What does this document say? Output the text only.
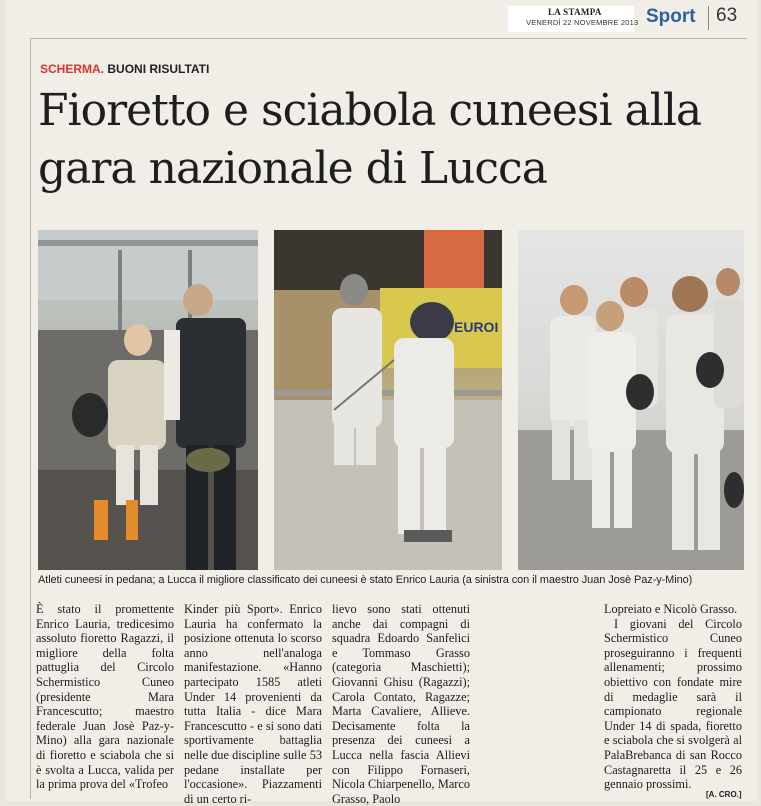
LA STAMPA
VENERDÌ 22 NOVEMBRE 2013 Sport 63
SCHERMA. BUONI RISULTATI
Fioretto e sciabola cuneesi alla gara nazionale di Lucca
EUROI
Atleti cuneesi in pedana; a Lucca il migliore classificato dei cuneesi è stato Enrico Lauria (a sinistra con il maestro Juan Josè Paz-y-Mino)

È stato il promettente Enrico Lauria, tredicesimo assoluto fioretto Ragazzi, il migliore della folta pattuglia del Circolo Schermistico Cuneo (presidente Mara Francescutto; maestro federale Juan Josè Paz-y-Mino) alla gara nazionale di fioretto e sciabola che si è svolta a Lucca, valida per la prima prova del «Trofeo

Kinder più Sport». Enrico Lauria ha confermato la posizione ottenuta lo scorso anno nell'analoga manifestazione. «Hanno partecipato 1585 atleti Under 14 provenienti da tutta Italia - dice Mara Francescutto - e si sono dati sportivamente battaglia nelle due discipline sulle 53 pedane installate per l'occasione». Piazzamenti di un certo ri-

lievo sono stati ottenuti anche dai compagni di squadra Edoardo Sanfelici e Tommaso Grasso (categoria Maschietti); Giovanni Ghisu (Ragazzi); Carola Contato, Ragazze; Marta Cavaliere, Allieve. Decisamente folta la presenza dei cuneesi a Lucca nella fascia Allievi con Filippo Fornaseri, Nicola Chiarpenello, Marco Grasso, Paolo

Lopreiato e Nicolò Grasso.
I giovani del Circolo Schermistico Cuneo proseguiranno i frequenti allenamenti; prossimo obiettivo con fondate mire di medaglie sarà il campionato regionale Under 14 di spada, fioretto e sciabola che si svolgerà al PalaBrebanca di san Rocco Castagnaretta il 25 e 26 gennaio prossimi.
[A. CRO.]
